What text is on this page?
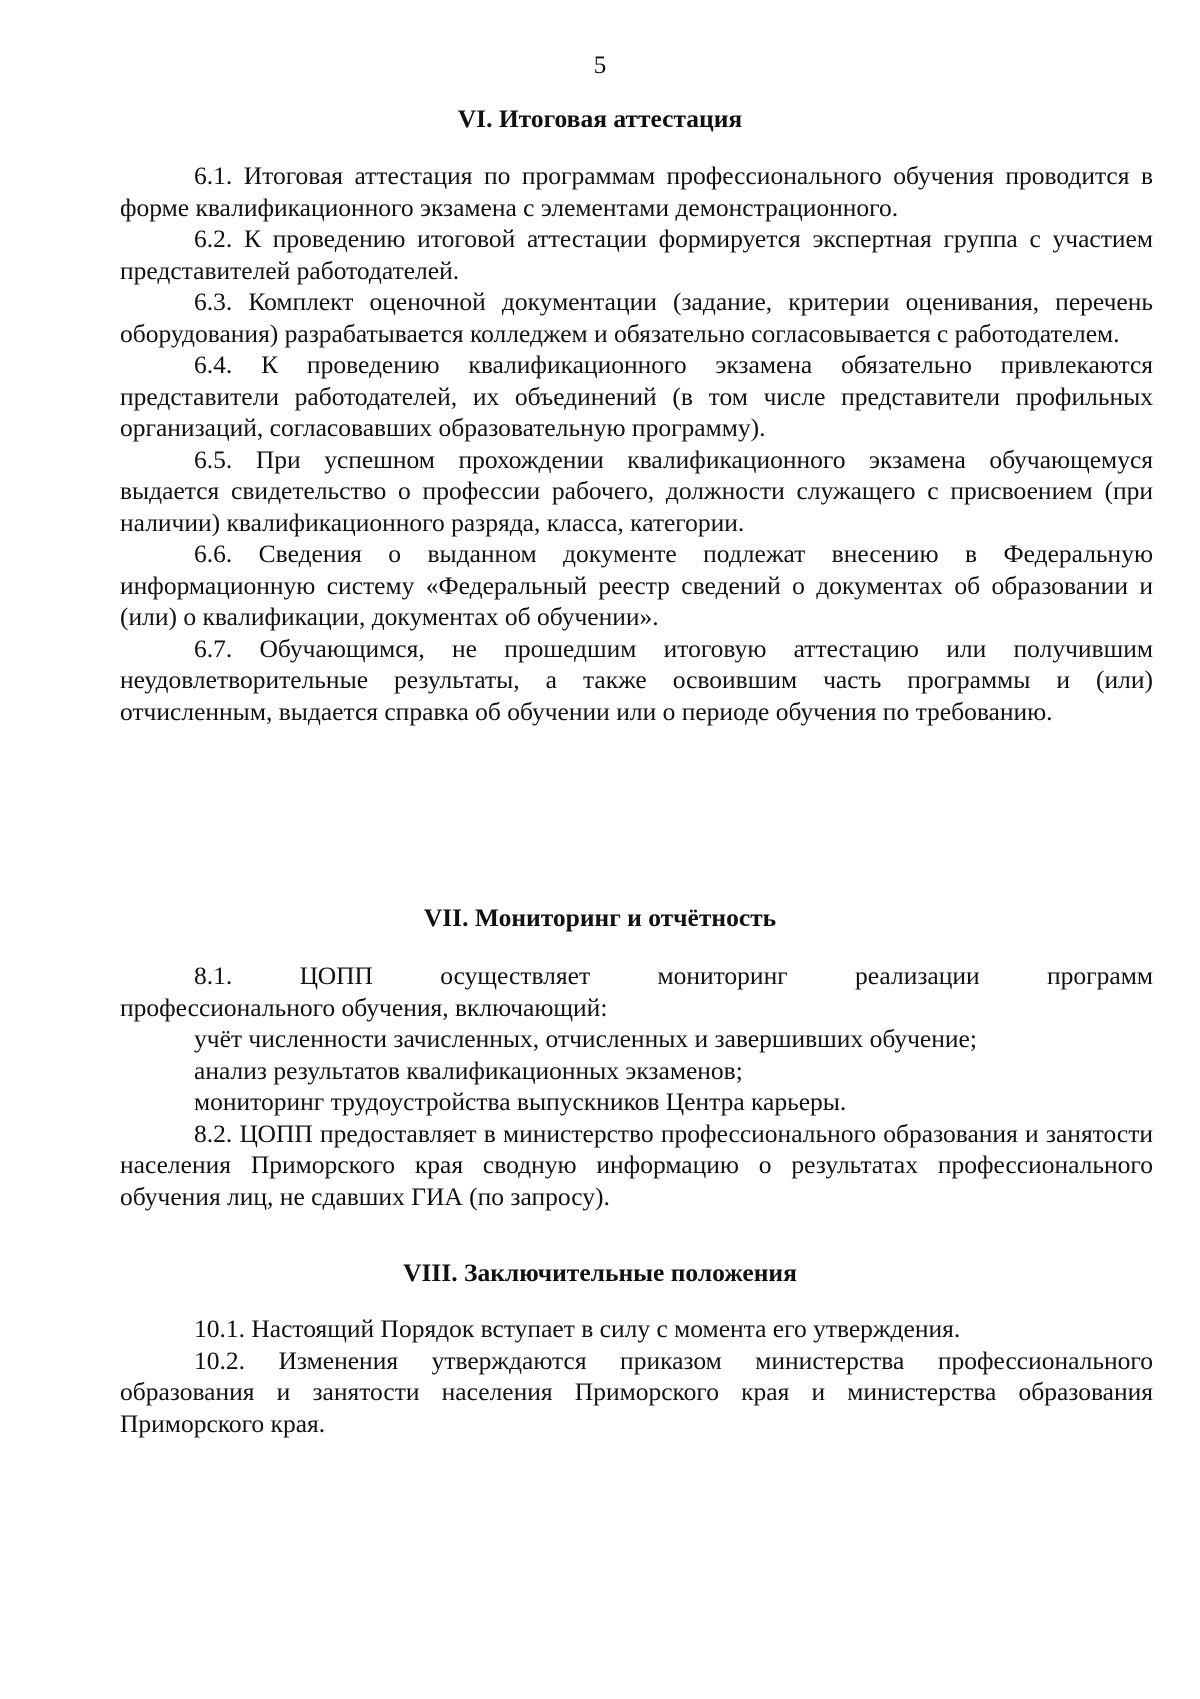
5
VI. Итоговая аттестация

6.1. Итоговая аттестация по программам профессионального обучения проводится в форме квалификационного экзамена с элементами демонстрационного.

6.2. К проведению итоговой аттестации формируется экспертная группа с участием представителей работодателей.

6.3. Комплект оценочной документации (задание, критерии оценивания, перечень оборудования) разрабатывается колледжем и обязательно согласовывается с работодателем.

6.4. К проведению квалификационного экзамена обязательно привлекаются представители работодателей, их объединений (в том числе представители профильных организаций, согласовавших образовательную программу).

6.5. При успешном прохождении квалификационного экзамена обучающемуся выдается свидетельство о профессии рабочего, должности служащего с присвоением (при наличии) квалификационного разряда, класса, категории.

6.6. Сведения о выданном документе подлежат внесению в Федеральную информационную систему «Федеральный реестр сведений о документах об образовании и (или) о квалификации, документах об обучении».

6.7. Обучающимся, не прошедшим итоговую аттестацию или получившим неудовлетворительные результаты, а также освоившим часть программы и (или) отчисленным, выдается справка об обучении или о периоде обучения по требованию.

VII. Мониторинг и отчётность

8.1. ЦОПП осуществляет мониторинг реализации программ

профессионального обучения, включающий:

учёт численности зачисленных, отчисленных и завершивших обучение;

анализ результатов квалификационных экзаменов;

мониторинг трудоустройства выпускников Центра карьеры.

8.2. ЦОПП предоставляет в министерство профессионального образования и занятости населения Приморского края сводную информацию о результатах профессионального обучения лиц, не сдавших ГИА (по запросу).

VIII. Заключительные положения

10.1. Настоящий Порядок вступает в силу с момента его утверждения.

10.2. Изменения утверждаются приказом министерства профессионального образования и занятости населения Приморского края и министерства образования Приморского края.
